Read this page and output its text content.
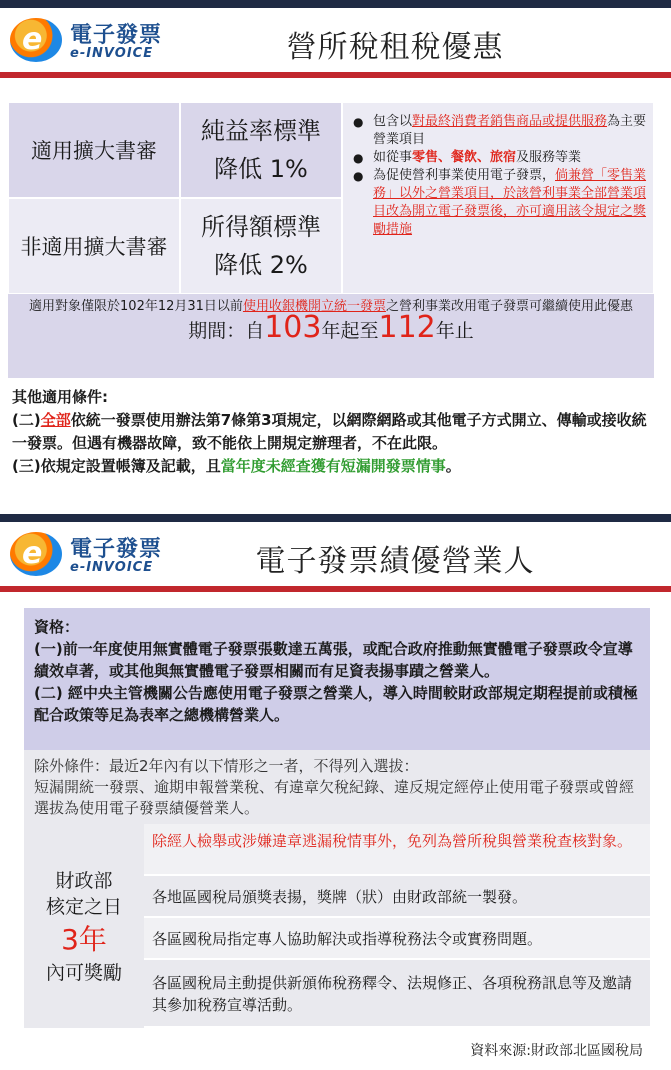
e 電子發票
e-INVOICE	營所稅租稅優惠
適用擴大書審
純益率標準
降低 1%
非適用擴大書審
所得額標準
降低 2%
● 包含以對最終消費者銷售商品或提供服務為主要營業項目
● 如從事零售、餐飲、旅宿及服務等業
● 為促使營利事業使用電子發票，倘兼營「零售業務」以外之營業項目，於該營利事業全部營業項目改為開立電子發票後，亦可適用該令規定之獎勵措施
適用對象僅限於102年12月31日以前使用收銀機開立統一發票之營利事業改用電子發票可繼續使用此優惠
期間：自103年起至112年止
其他適用條件:
(二)全部依統一發票使用辦法第7條第3項規定，以網際網路或其他電子方式開立、傳輸或接收統一發票。但遇有機器故障，致不能依上開規定辦理者，不在此限。
(三)依規定設置帳簿及記載，且當年度未經查獲有短漏開發票情事。
e 電子發票
e-INVOICE	電子發票績優營業人
資格：
(一)前一年度使用無實體電子發票張數達五萬張，或配合政府推動無實體電子發票政令宣導績效卓著，或其他與無實體電子發票相關而有足資表揚事蹟之營業人。
(二) 經中央主管機關公告應使用電子發票之營業人，導入時間較財政部規定期程提前或積極配合政策等足為表率之總機構營業人。
除外條件：最近2年內有以下情形之一者，不得列入選拔：
短漏開統一發票、逾期申報營業稅、有違章欠稅紀錄、違反規定經停止使用電子發票或曾經選拔為使用電子發票績優營業人。
財政部
核定之日
3年
內可獎勵
除經人檢舉或涉嫌違章逃漏稅情事外，免列為營所稅與營業稅查核對象。
各地區國稅局頒獎表揚，獎牌（狀）由財政部統一製發。
各區國稅局指定專人協助解決或指導稅務法令或實務問題。
各區國稅局主動提供新頒佈稅務釋令、法規修正、各項稅務訊息等及邀請其參加稅務宣導活動。
資料來源:財政部北區國稅局
